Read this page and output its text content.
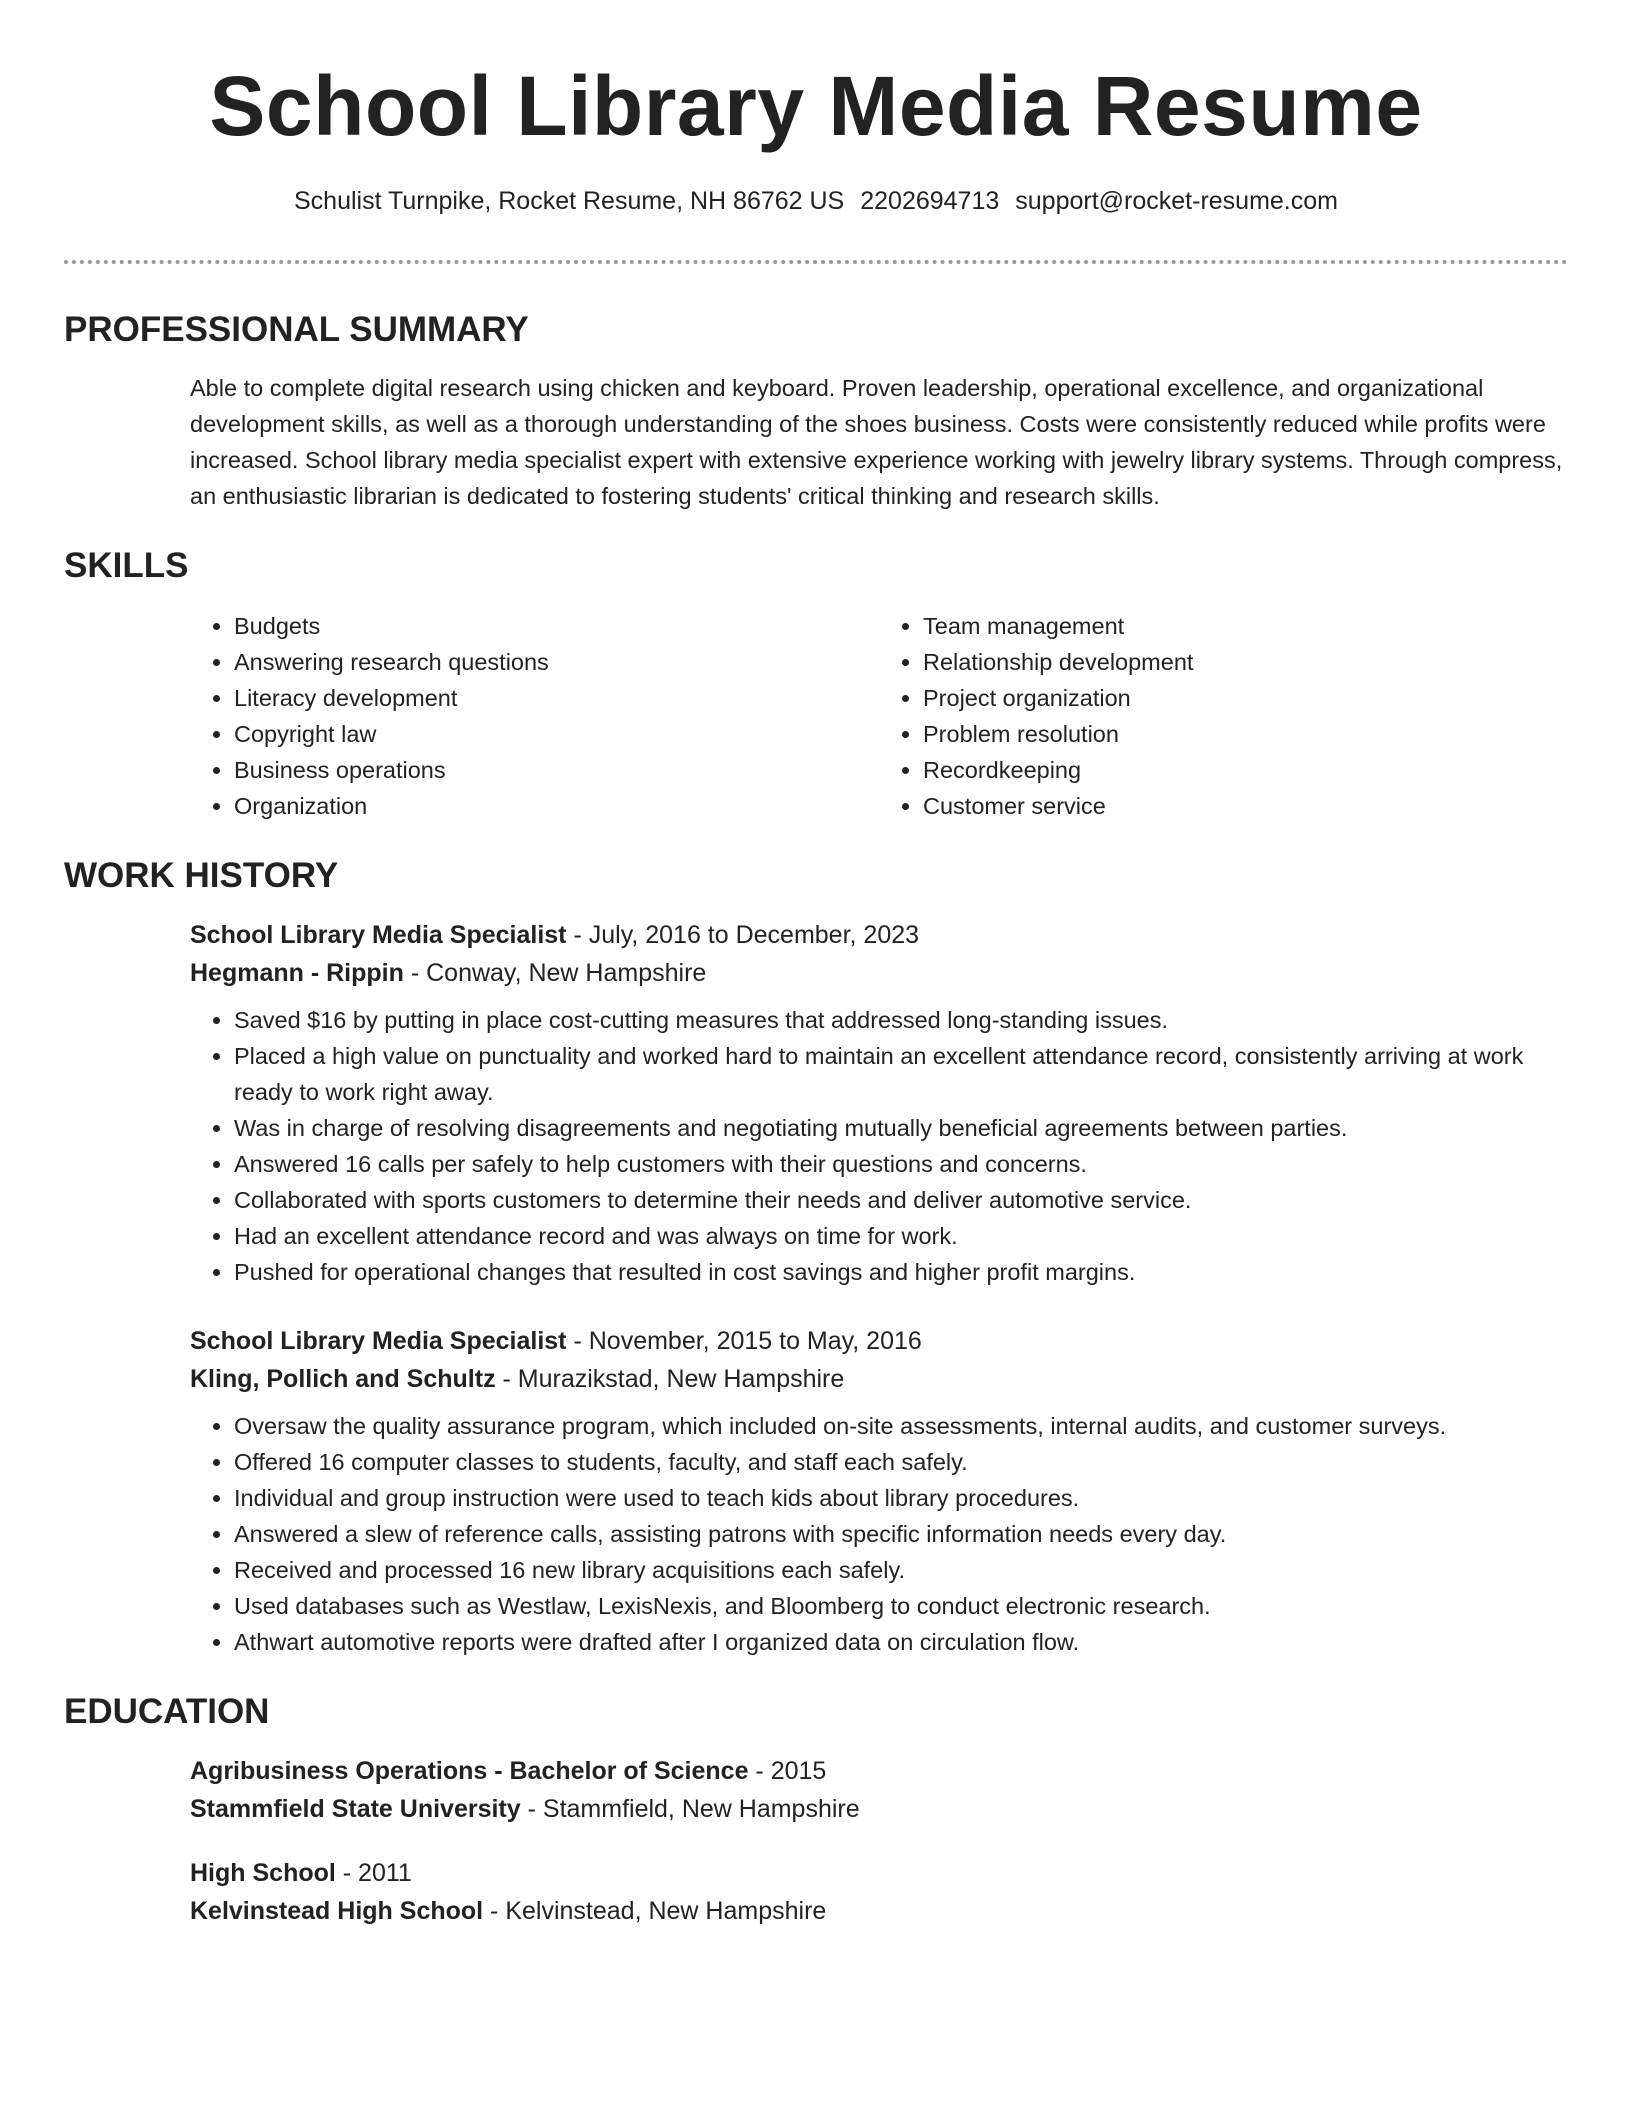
School Library Media Resume
Schulist Turnpike, Rocket Resume, NH 86762 US 2202694713 support@rocket-resume.com
PROFESSIONAL SUMMARY
Able to complete digital research using chicken and keyboard. Proven leadership, operational excellence, and organizational development skills, as well as a thorough understanding of the shoes business. Costs were consistently reduced while profits were increased. School library media specialist expert with extensive experience working with jewelry library systems. Through compress, an enthusiastic librarian is dedicated to fostering students' critical thinking and research skills.
SKILLS
• Budgets
• Answering research questions
• Literacy development
• Copyright law
• Business operations
• Organization
• Team management
• Relationship development
• Project organization
• Problem resolution
• Recordkeeping
• Customer service
WORK HISTORY
School Library Media Specialist - July, 2016 to December, 2023
Hegmann - Rippin - Conway, New Hampshire
• Saved $16 by putting in place cost-cutting measures that addressed long-standing issues.
• Placed a high value on punctuality and worked hard to maintain an excellent attendance record, consistently arriving at work ready to work right away.
• Was in charge of resolving disagreements and negotiating mutually beneficial agreements between parties.
• Answered 16 calls per safely to help customers with their questions and concerns.
• Collaborated with sports customers to determine their needs and deliver automotive service.
• Had an excellent attendance record and was always on time for work.
• Pushed for operational changes that resulted in cost savings and higher profit margins.
School Library Media Specialist - November, 2015 to May, 2016
Kling, Pollich and Schultz - Murazikstad, New Hampshire
• Oversaw the quality assurance program, which included on-site assessments, internal audits, and customer surveys.
• Offered 16 computer classes to students, faculty, and staff each safely.
• Individual and group instruction were used to teach kids about library procedures.
• Answered a slew of reference calls, assisting patrons with specific information needs every day.
• Received and processed 16 new library acquisitions each safely.
• Used databases such as Westlaw, LexisNexis, and Bloomberg to conduct electronic research.
• Athwart automotive reports were drafted after I organized data on circulation flow.
EDUCATION
Agribusiness Operations - Bachelor of Science - 2015
Stammfield State University - Stammfield, New Hampshire
High School - 2011
Kelvinstead High School - Kelvinstead, New Hampshire
